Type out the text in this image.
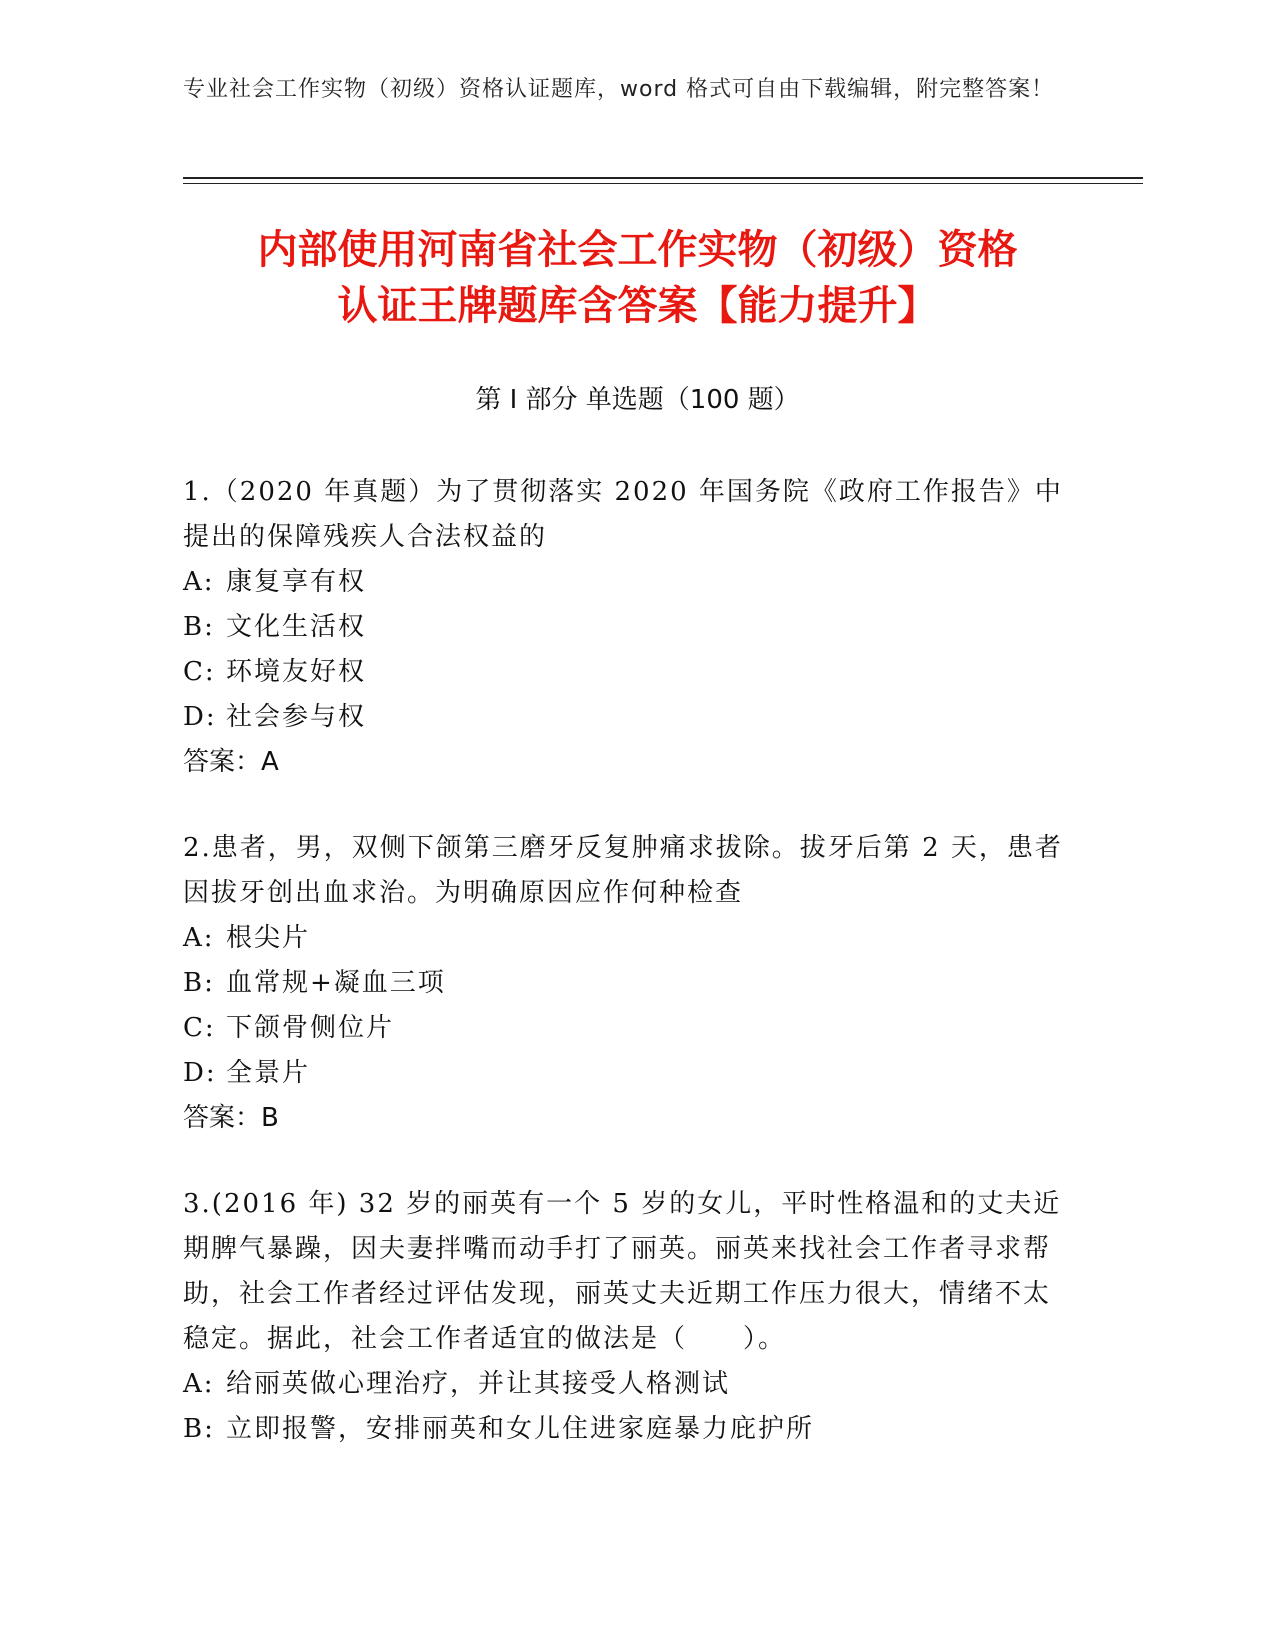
专业社会工作实物（初级）资格认证题库，word 格式可自由下载编辑，附完整答案！
内部使用河南省社会工作实物（初级）资格
认证王牌题库含答案【能力提升】
第 I 部分 单选题（100 题）
1.（2020 年真题）为了贯彻落实 2020 年国务院《政府工作报告》中提出的保障残疾人合法权益的
A: 康复享有权
B: 文化生活权
C: 环境友好权
D: 社会参与权
答案：A
2.患者，男，双侧下颌第三磨牙反复肿痛求拔除。拔牙后第 2 天，患者因拔牙创出血求治。为明确原因应作何种检查
A: 根尖片
B: 血常规+凝血三项
C: 下颌骨侧位片
D: 全景片
答案：B
3.(2016 年) 32 岁的丽英有一个 5 岁的女儿，平时性格温和的丈夫近期脾气暴躁，因夫妻拌嘴而动手打了丽英。丽英来找社会工作者寻求帮助，社会工作者经过评估发现，丽英丈夫近期工作压力很大，情绪不太稳定。据此，社会工作者适宜的做法是（　　）。
A: 给丽英做心理治疗，并让其接受人格测试
B: 立即报警，安排丽英和女儿住进家庭暴力庇护所
